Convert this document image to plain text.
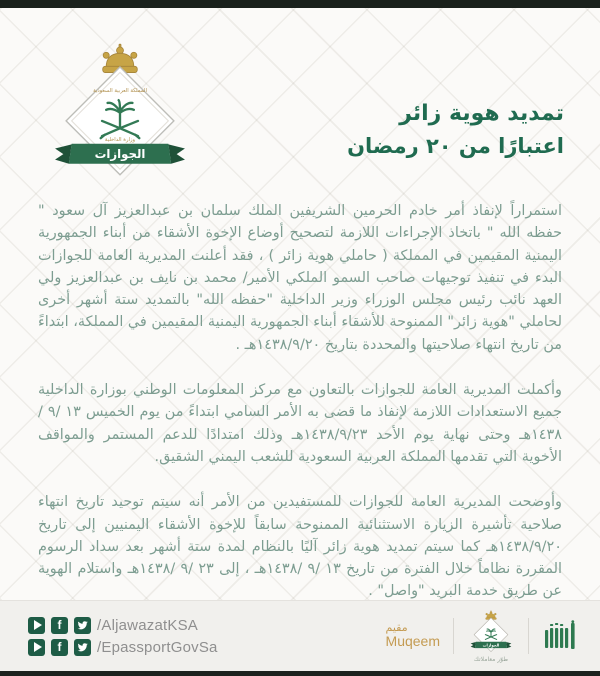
المملكة العربية السعودية
وزارة الداخلية
الجوازات
تمديد هوية زائر
اعتبارًا من ٢٠ رمضان

استمراراً لإنفاذ أمر خادم الحرمين الشريفين الملك سلمان بن عبدالعزيز آل سعود " حفظه الله " باتخاذ الإجراءات اللازمة لتصحيح أوضاع الإخوة الأشقاء من أبناء الجمهورية اليمنية المقيمين في المملكة ( حاملي هوية زائر ) ، فقد أعلنت المديرية العامة للجوازات البدء في تنفيذ توجيهات صاحب السمو الملكي الأمير/ محمد بن نايف بن عبدالعزيز ولي العهد نائب رئيس مجلس الوزراء وزير الداخلية "حفظه الله" بالتمديد ستة أشهر أخرى لحاملي "هوية زائر" الممنوحة للأشقاء أبناء الجمهورية اليمنية المقيمين في المملكة، ابتداءً من تاريخ انتهاء صلاحيتها والمحددة بتاريخ ١٤٣٨/٩/٢٠هـ .

وأكملت المديرية العامة للجوازات بالتعاون مع مركز المعلومات الوطني بوزارة الداخلية جميع الاستعدادات اللازمة لإنفاذ ما قضى به الأمر السامي ابتداءً من يوم الخميس ١٣ /٩ /١٤٣٨هـ وحتى نهاية يوم الأحد ١٤٣٨/٩/٢٣هـ وذلك امتدادًا للدعم المستمر والمواقف الأخوية التي تقدمها المملكة العربية السعودية للشعب اليمني الشقيق.

وأوضحت المديرية العامة للجوازات للمستفيدين من الأمر أنه سيتم توحيد تاريخ انتهاء صلاحية تأشيرة الزيارة الاستثنائية الممنوحة سابقاً للإخوة الأشقاء اليمنيين إلى تاريخ ١٤٣٨/٩/٢٠هـ كما سيتم تمديد هوية زائر آليًا بالنظام لمدة ستة أشهر بعد سداد الرسوم المقررة نظاماً خلال الفترة من تاريخ ١٣ /٩ /١٤٣٨هـ ، إلى ٢٣ /٩ /١٤٣٨هـ واستلام الهوية عن طريق خدمة البريد "واصل" .

f /AljawazatKSA
f /EpassportGovSa
مقيم
Muqeem	الجوازات
طوّر معاملاتك
